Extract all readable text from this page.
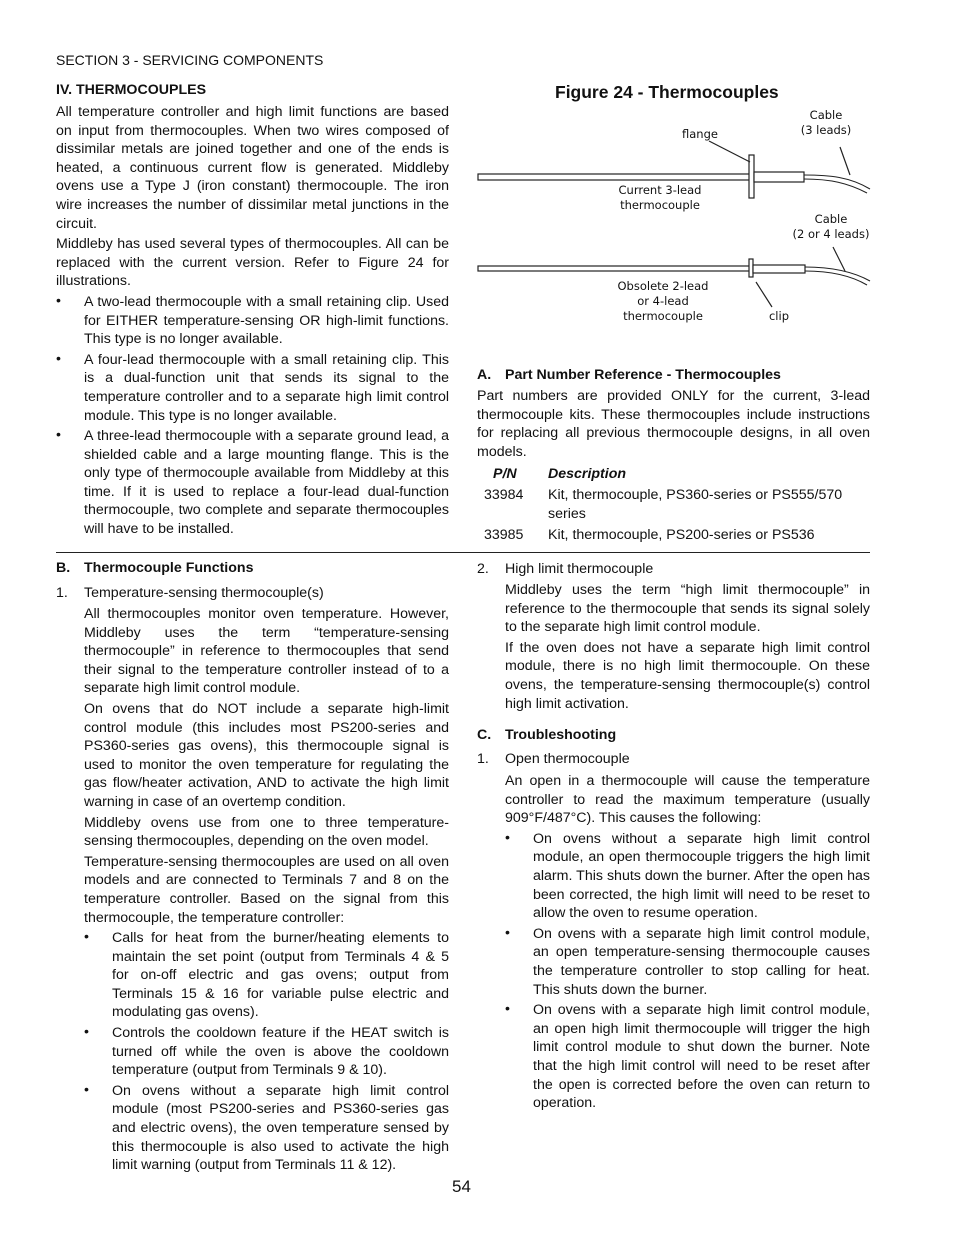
SECTION 3 - SERVICING COMPONENTS
IV. THERMOCOUPLES

All temperature controller and high limit functions are based on input from thermocouples. When two wires composed of dissimilar metals are joined together and one of the ends is heated, a continuous current flow is generated. Middleby ovens use a Type J (iron constant) thermocouple. The iron wire increases the number of dissimilar metal junctions in the circuit.

Middleby has used several types of thermocouples. All can be replaced with the current version. Refer to Figure 24 for illustrations.

• A two-lead thermocouple with a small retaining clip. Used for EITHER temperature-sensing OR high-limit functions. This type is no longer available.

• A four-lead thermocouple with a small retaining clip. This is a dual-function unit that sends its signal to the temperature controller and to a separate high limit control module. This type is no longer available.

• A three-lead thermocouple with a separate ground lead, a shielded cable and a large mounting flange. This is the only type of thermocouple available from Middleby at this time. If it is used to replace a four-lead dual-function thermocouple, two complete and separate thermocouples will have to be installed.

Figure 24 - Thermocouples
flange
Cable
(3 leads)
Current 3-lead
thermocouple
Cable
(2 or 4 leads)
Obsolete 2-lead
or 4-lead
thermocouple	clip
A. Part Number Reference - Thermocouples

Part numbers are provided ONLY for the current, 3-lead thermocouple kits. These thermocouples include instructions for replacing all previous thermocouple designs, in all oven models.

P/N Description
33984 Kit, thermocouple, PS360-series or PS555/570 series
33985 Kit, thermocouple, PS200-series or PS536
B. Thermocouple Functions
1. Temperature-sensing thermocouple(s)

All thermocouples monitor oven temperature. However, Middleby uses the term “temperature-sensing thermocouple” in reference to thermocouples that send their signal to the temperature controller instead of to a separate high limit control module.

On ovens that do NOT include a separate high-limit control module (this includes most PS200-series and PS360-series gas ovens), this thermocouple signal is used to monitor the oven temperature for regulating the gas flow/heater activation, AND to activate the high limit warning in case of an overtemp condition.

Middleby ovens use from one to three temperature-sensing thermocouples, depending on the oven model.

Temperature-sensing thermocouples are used on all oven models and are connected to Terminals 7 and 8 on the temperature controller. Based on the signal from this thermocouple, the temperature controller:

• Calls for heat from the burner/heating elements to maintain the set point (output from Terminals 4 & 5 for on-off electric and gas ovens; output from Terminals 15 & 16 for variable pulse electric and modulating gas ovens).

• Controls the cooldown feature if the HEAT switch is turned off while the oven is above the cooldown temperature (output from Terminals 9 & 10).

• On ovens without a separate high limit control module (most PS200-series and PS360-series gas and electric ovens), the oven temperature sensed by this thermocouple is also used to activate the high limit warning (output from Terminals 11 & 12).

2. High limit thermocouple

Middleby uses the term “high limit thermocouple” in reference to the thermocouple that sends its signal solely to the separate high limit control module.

If the oven does not have a separate high limit control module, there is no high limit thermocouple. On these ovens, the temperature-sensing thermocouple(s) control high limit activation.

C. Troubleshooting
1. Open thermocouple

An open in a thermocouple will cause the temperature controller to read the maximum temperature (usually 909°F/487°C). This causes the following:

• On ovens without a separate high limit control module, an open thermocouple triggers the high limit alarm. This shuts down the burner. After the open has been corrected, the high limit will need to be reset to allow the oven to resume operation.

• On ovens with a separate high limit control module, an open temperature-sensing thermocouple causes the temperature controller to stop calling for heat. This shuts down the burner.

• On ovens with a separate high limit control module, an open high limit thermocouple will trigger the high limit control module to shut down the burner. Note that the high limit control will need to be reset after the open is corrected before the oven can return to operation.

54
